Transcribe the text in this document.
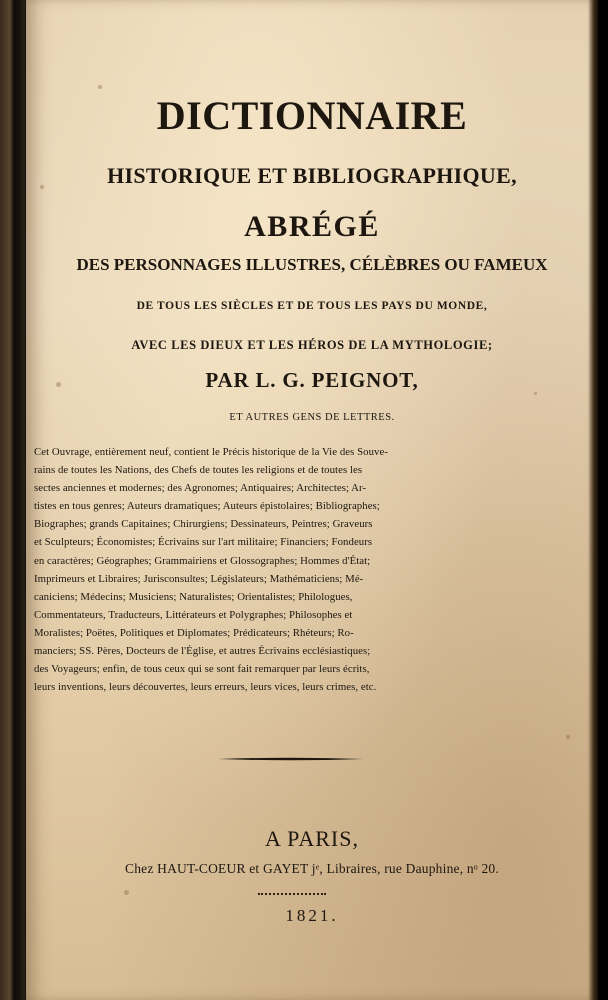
DICTIONNAIRE
HISTORIQUE ET BIBLIOGRAPHIQUE,
ABRÉGÉ
DES PERSONNAGES ILLUSTRES, CÉLÈBRES OU FAMEUX
DE TOUS LES SIÈCLES ET DE TOUS LES PAYS DU MONDE,
AVEC LES DIEUX ET LES HÉROS DE LA MYTHOLOGIE;
PAR L. G. PEIGNOT,
ET AUTRES GENS DE LETTRES.
Cet Ouvrage, entièrement neuf, contient le Précis historique de la Vie des Souve-
rains de toutes les Nations, des Chefs de toutes les religions et de toutes les
sectes anciennes et modernes; des Agronomes; Antiquaires; Architectes; Ar-
tistes en tous genres; Auteurs dramatiques; Auteurs épistolaires; Bibliographes;
Biographes; grands Capitaines; Chirurgiens; Dessinateurs, Peintres; Graveurs
et Sculpteurs; Économistes; Écrivains sur l'art militaire; Financiers; Fondeurs
en caractères; Géographes; Grammairiens et Glossographes; Hommes d'État;
Imprimeurs et Libraires; Jurisconsultes; Législateurs; Mathématiciens; Mé-
caniciens; Médecins; Musiciens; Naturalistes; Orientalistes; Philologues,
Commentateurs, Traducteurs, Littérateurs et Polygraphes; Philosophes et
Moralistes; Poëtes, Politiques et Diplomates; Prédicateurs; Rhéteurs; Ro-
manciers; SS. Pères, Docteurs de l'Église, et autres Écrivains ecclésiastiques;
des Voyageurs; enfin, de tous ceux qui se sont fait remarquer par leurs écrits,
leurs inventions, leurs découvertes, leurs erreurs, leurs vices, leurs crimes, etc.
A PARIS,
Chez HAUT-COEUR et GAYET jᵉ, Libraires, rue Dauphine, nᵒ 20.
1821.
